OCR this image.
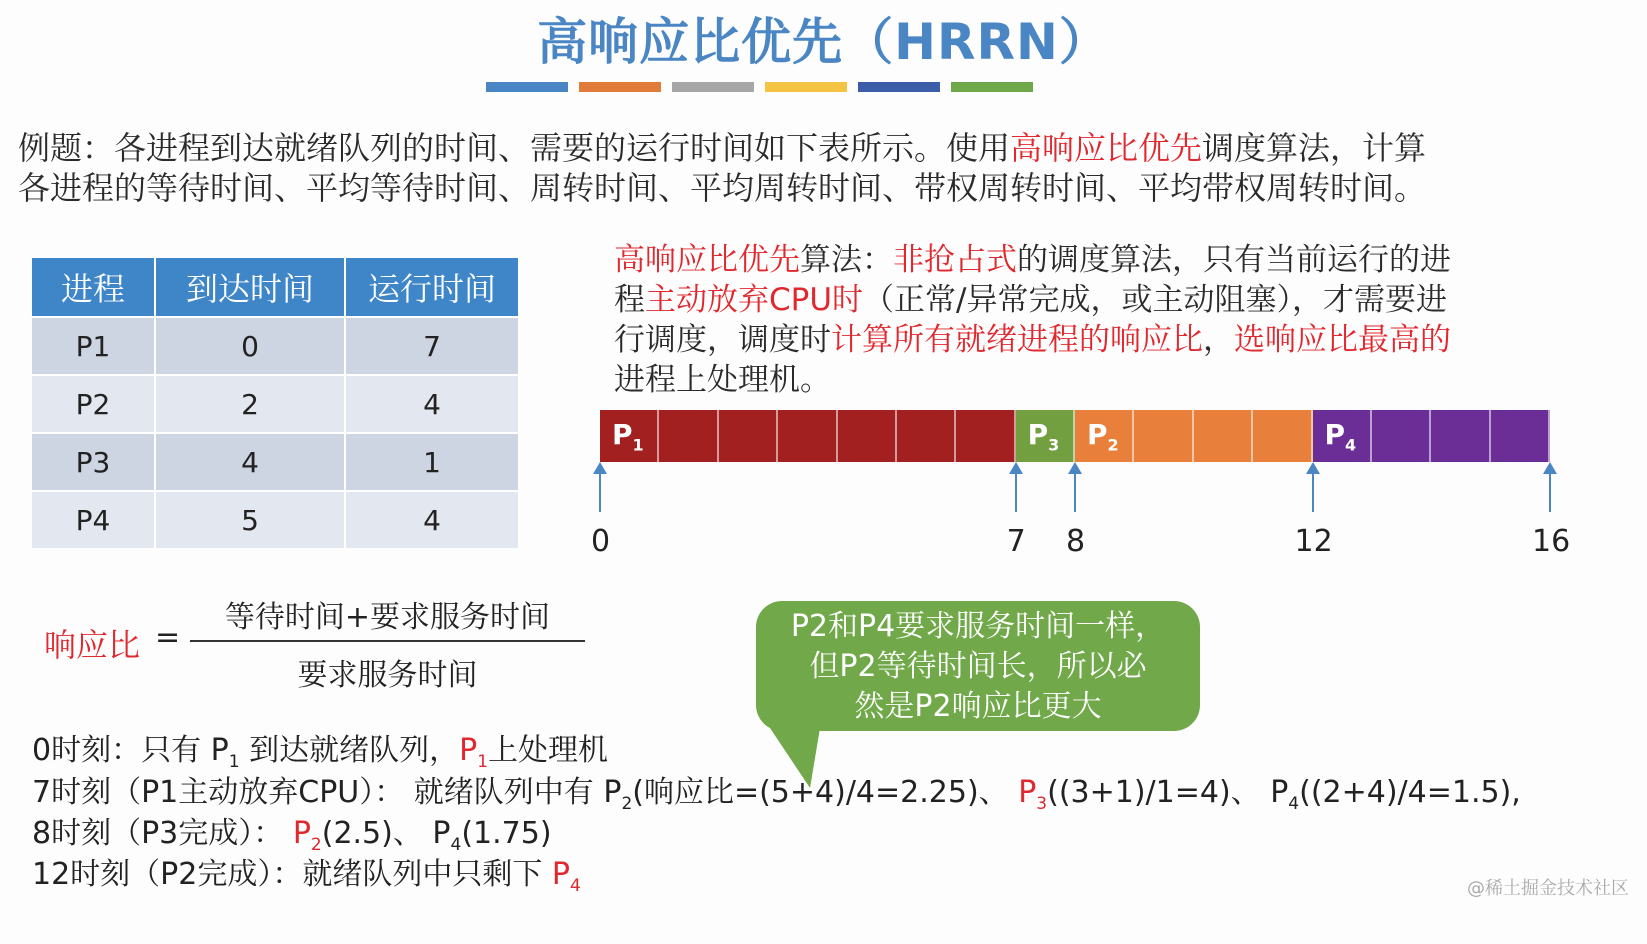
高响应比优先（HRRN）
例题：各进程到达就绪队列的时间、需要的运行时间如下表所示。使用高响应比优先调度算法，计算
各进程的等待时间、平均等待时间、周转时间、平均周转时间、带权周转时间、平均带权周转时间。
进程	到达时间	运行时间
P1	0	7
P2	2	4
P3	4	1
P4	5	4
高响应比优先算法：非抢占式的调度算法，只有当前运行的进
程主动放弃CPU时（正常/异常完成，或主动阻塞），才需要进
行调度，调度时计算所有就绪进程的响应比，选响应比最高的
进程上处理机。
$P_1$	$P_3$ $P_2$	$P_4$
0	7 8	12	16
响应比 =
等待时间+要求服务时间
要求服务时间
P2和P4要求服务时间一样，
但P2等待时间长，所以必
然是P2响应比更大
0时刻：只有 $P_1$ 到达就绪队列，$P_1$上处理机
7时刻（P1主动放弃CPU）： 就绪队列中有 $P_2$(响应比=(5+4)/4=2.25)、 $P_3((3+1)/1=4)$、 $P_4((2+4)/4=1.5)$,
8时刻（P3完成）： $P_2(2.5)$、 $P_4(1.75)$
12时刻（P2完成）：就绪队列中只剩下 $P_4$	@稀土掘金技术社区
